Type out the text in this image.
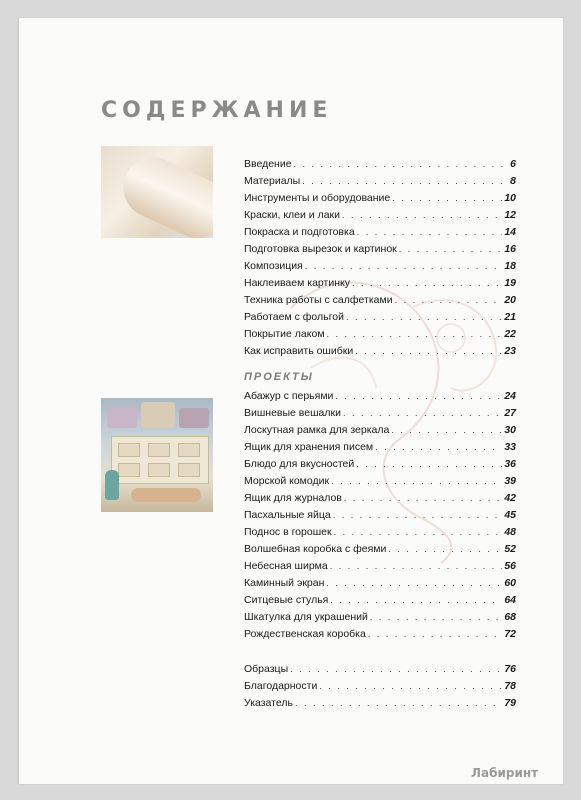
СОДЕРЖАНИЕ
Введение . . .	6
Материалы . . .	8
Инструменты и оборудование . . .	10
Краски, клеи и лаки . . .	12
Покраска и подготовка . . .	14
Подготовка вырезок и картинок . . .	16
Композиция . . .	18
Наклеиваем картинку . . .	19
Техника работы с салфетками . . .	20
Работаем с фольгой . . .	21
Покрытие лаком . . .	22
Как исправить ошибки . . .	23
ПРОЕКТЫ
Абажур с перьями . . .	24
Вишневые вешалки . . .	27
Лоскутная рамка для зеркала . . .	30
Ящик для хранения писем . . .	33
Блюдо для вкусностей . . .	36
Морской комодик . . .	39
Ящик для журналов . . .	42
Пасхальные яйца . . .	45
Поднос в горошек . . .	48
Волшебная коробка с феями . . .	52
Небесная ширма . . .	56
Каминный экран . . .	60
Ситцевые стулья . . .	64
Шкатулка для украшений . . .	68
Рождественская коробка . . .	72
Образцы . . .	76
Благодарности . . .	78
Указатель . . .	79
Лабиринт
